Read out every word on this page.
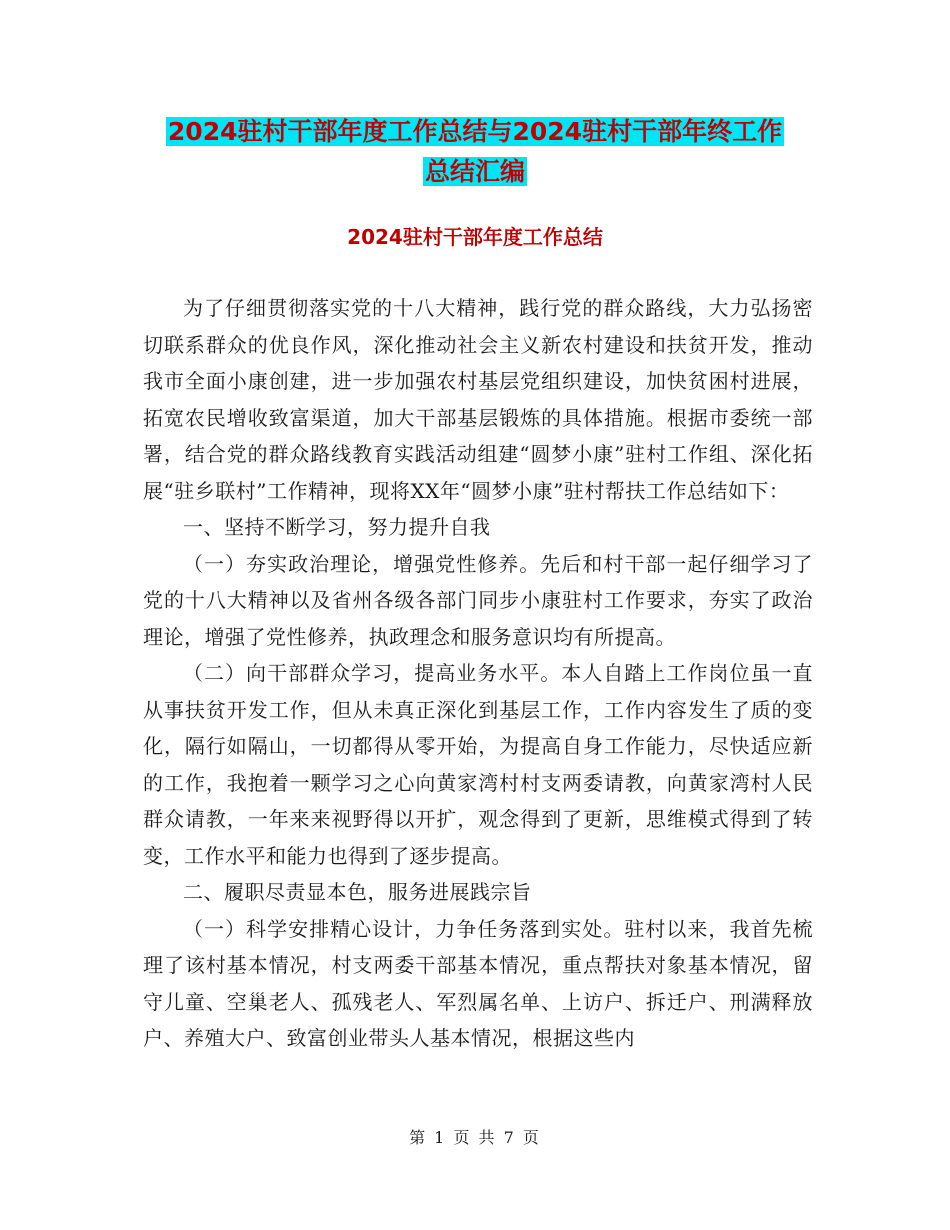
2024驻村干部年度工作总结与2024驻村干部年终工作
总结汇编
2024驻村干部年度工作总结

为了仔细贯彻落实党的十八大精神，践行党的群众路线，大力弘扬密切联系群众的优良作风，深化推动社会主义新农村建设和扶贫开发，推动我市全面小康创建，进一步加强农村基层党组织建设，加快贫困村进展，拓宽农民增收致富渠道，加大干部基层锻炼的具体措施。根据市委统一部署，结合党的群众路线教育实践活动组建“圆梦小康”驻村工作组、深化拓展“驻乡联村”工作精神，现将XX年“圆梦小康”驻村帮扶工作总结如下：

一、坚持不断学习，努力提升自我

（一）夯实政治理论，增强党性修养。先后和村干部一起仔细学习了党的十八大精神以及省州各级各部门同步小康驻村工作要求，夯实了政治理论，增强了党性修养，执政理念和服务意识均有所提高。

（二）向干部群众学习，提高业务水平。本人自踏上工作岗位虽一直从事扶贫开发工作，但从未真正深化到基层工作，工作内容发生了质的变化，隔行如隔山，一切都得从零开始，为提高自身工作能力，尽快适应新的工作，我抱着一颗学习之心向黄家湾村村支两委请教，向黄家湾村人民群众请教，一年来来视野得以开扩，观念得到了更新，思维模式得到了转变，工作水平和能力也得到了逐步提高。

二、履职尽责显本色，服务进展践宗旨

（一）科学安排精心设计，力争任务落到实处。驻村以来，我首先梳理了该村基本情况，村支两委干部基本情况，重点帮扶对象基本情况，留守儿童、空巢老人、孤残老人、军烈属名单、上访户、拆迁户、刑满释放户、养殖大户、致富创业带头人基本情况，根据这些内

第 1 页 共 7 页
